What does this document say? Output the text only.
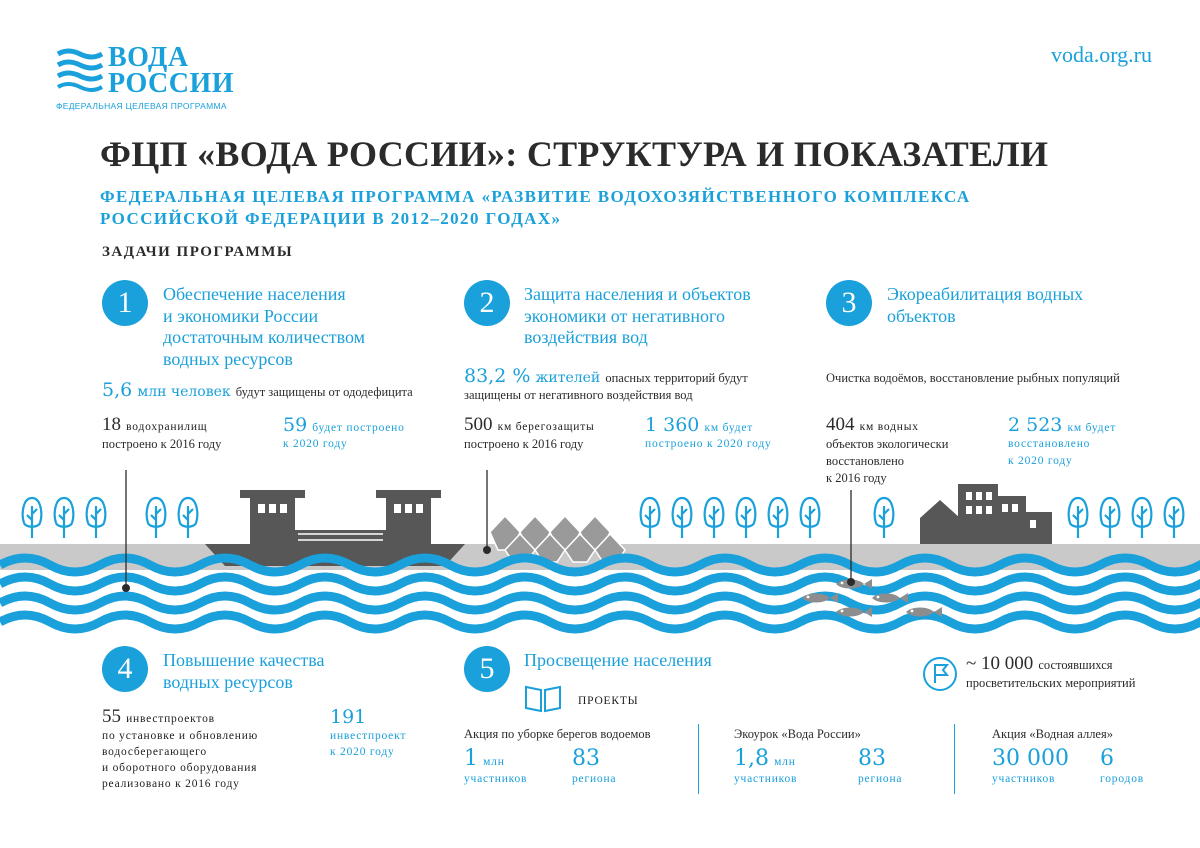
ВОДА
РОССИИ
ФЕДЕРАЛЬНАЯ ЦЕЛЕВАЯ ПРОГРАММА
voda.org.ru
ФЦП «ВОДА РОССИИ»: СТРУКТУРА И ПОКАЗАТЕЛИ
ФЕДЕРАЛЬНАЯ ЦЕЛЕВАЯ ПРОГРАММА «РАЗВИТИЕ ВОДОХОЗЯЙСТВЕННОГО КОМПЛЕКСА
РОССИЙСКОЙ ФЕДЕРАЦИИ В 2012–2020 ГОДАХ»
ЗАДАЧИ ПРОГРАММЫ
1	Обеспечение населения
и экономики России
достаточным количеством
водных ресурсов
5,6 млн человек будут защищены от ододефицита
18 водохранилищ
построено к 2016 году
59 будет построено
к 2020 году
2	Защита населения и объектов
экономики от негативного
воздействия вод
83,2 % жителей опасных территорий будут
защищены от негативного воздействия вод
500 км берегозащиты
построено к 2016 году
1 360 км будет
построено к 2020 году
3	Экореабилитация водных
объектов
Очистка водоёмов, восстановление рыбных популяций
404 км водных
объектов экологически
восстановлено
к 2016 году
2 523 км будет
восстановлено
к 2020 году
4	Повышение качества
водных ресурсов
55 инвестпроектов
по установке и обновлению
водосберегающего
и оборотного оборудования
реализовано к 2016 году
191
инвестпроект
к 2020 году
5	Просвещение населения
ПРОЕКТЫ
~ 10 000 состоявшихся
просветительских мероприятий
Акция по уборке берегов водоемов
1 млн
участников
83
региона
Экоурок «Вода России»
1,8 млн
участников
83
региона
Акция «Водная аллея»
30 000
участников
6
городов
